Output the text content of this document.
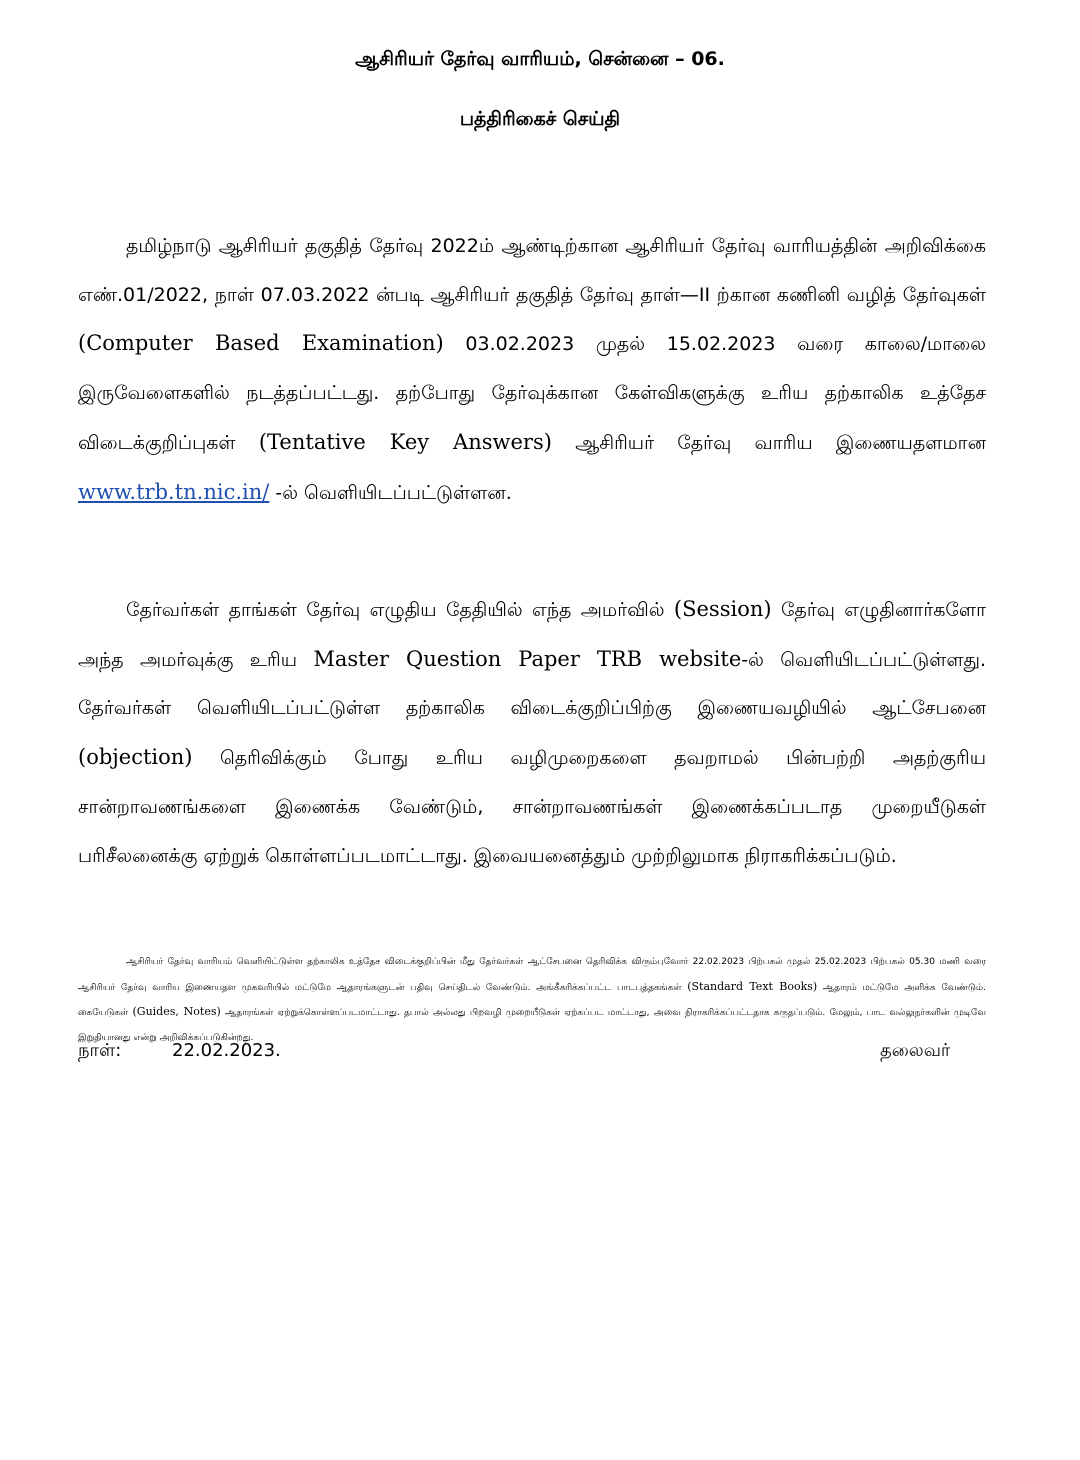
ஆசிரியர் தேர்வு வாரியம், சென்னை – 06.
பத்திரிகைச் செய்தி

தமிழ்நாடு ஆசிரியர் தகுதித் தேர்வு 2022ம் ஆண்டிற்கான ஆசிரியர் தேர்வு வாரியத்தின் அறிவிக்கை எண்.01/2022, நாள் 07.03.2022 ன்படி ஆசிரியர் தகுதித் தேர்வு தாள்—II ற்கான கணினி வழித் தேர்வுகள் (Computer Based Examination) 03.02.2023 முதல் 15.02.2023 வரை காலை/மாலை இருவேளைகளில் நடத்தப்பட்டது. தற்போது தேர்வுக்கான கேள்விகளுக்கு உரிய தற்காலிக உத்தேச விடைக்குறிப்புகள் (Tentative Key Answers) ஆசிரியர் தேர்வு வாரிய இணையதளமான www.trb.tn.nic.in/ -ல் வெளியிடப்பட்டுள்ளன.

தேர்வர்கள் தாங்கள் தேர்வு எழுதிய தேதியில் எந்த அமர்வில் (Session) தேர்வு எழுதினார்களோ அந்த அமர்வுக்கு உரிய Master Question Paper TRB website-ல் வெளியிடப்பட்டுள்ளது. தேர்வர்கள் வெளியிடப்பட்டுள்ள தற்காலிக விடைக்குறிப்பிற்கு இணையவழியில் ஆட்சேபனை (objection) தெரிவிக்கும் போது உரிய வழிமுறைகளை தவறாமல் பின்பற்றி அதற்குரிய சான்றாவணங்களை இணைக்க வேண்டும், சான்றாவணங்கள் இணைக்கப்படாத முறையீடுகள் பரிசீலனைக்கு ஏற்றுக் கொள்ளப்படமாட்டாது. இவையனைத்தும் முற்றிலுமாக நிராகரிக்கப்படும்.

ஆசிரியர் தேர்வு வாரியம் வெளியிட்டுள்ள தற்காலிக உத்தேச விடைக்குறிப்பின் மீது தேர்வர்கள் ஆட்சேபனை தெரிவிக்க விரும்புவோர் 22.02.2023 பிற்பகல் முதல் 25.02.2023 பிற்பகல் 05.30 மணி வரை ஆசிரியர் தேர்வு வாரிய இணையதள முகவரியில் மட்டுமே ஆதாரங்களுடன் பதிவு செய்திடல் வேண்டும். அங்கீகரிக்கப்பட்ட பாடபுத்தகங்கள் (Standard Text Books) ஆதாரம் மட்டுமே அளிக்க வேண்டும். கையேடுகள் (Guides, Notes) ஆதாரங்கள் ஏற்றுக்கொள்ளப்படமாட்டாது. தபால் அல்லது பிறவழி முறையீடுகள் ஏற்கப்பட மாட்டாது, அவை நிராகரிக்கப்பட்டதாக கருதப்படும். மேலும், பாட வல்லுநர்களின் முடிவே இறுதியானது என்று அறிவிக்கப்படுகின்றது.

நாள்:	22.02.2023.	தலைவர்
